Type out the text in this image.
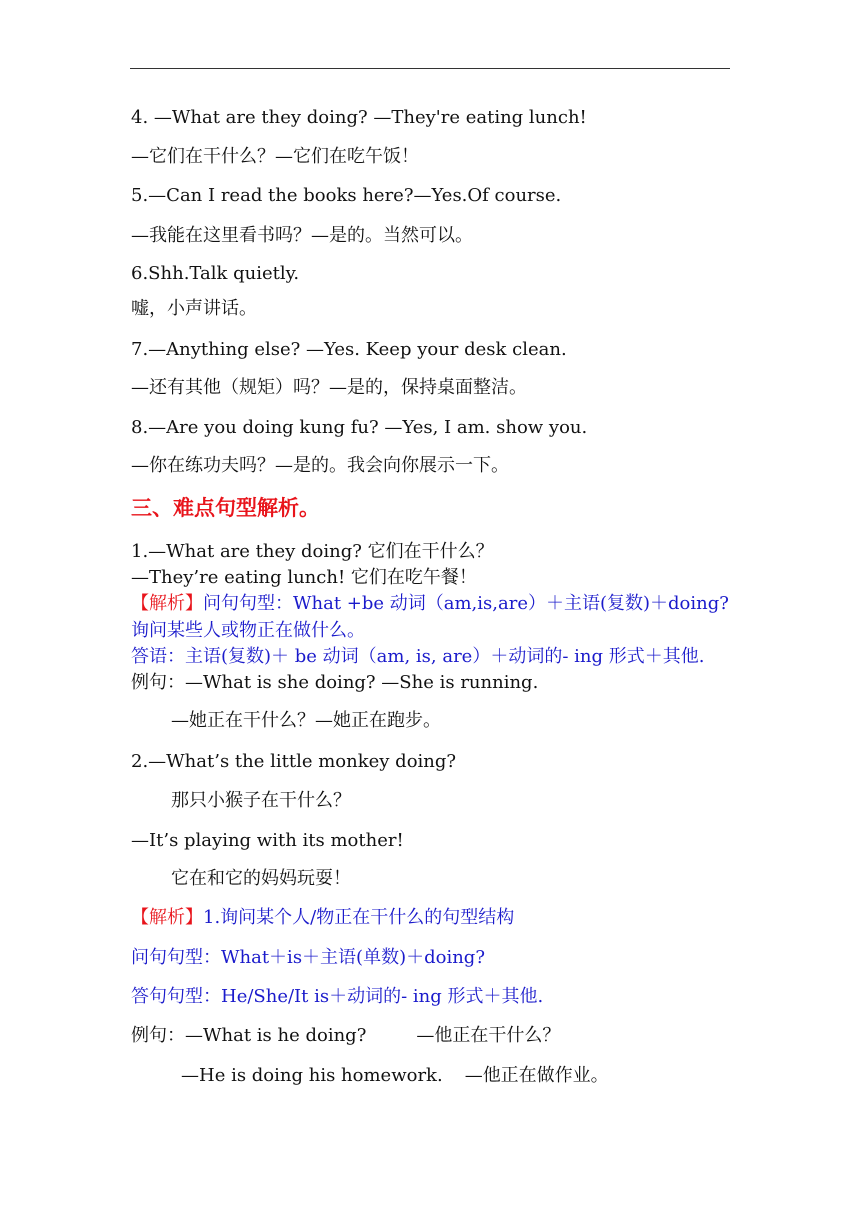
4. —What are they doing? —They're eating lunch!
—它们在干什么？—它们在吃午饭！
5.—Can I read the books here?—Yes.Of course.
—我能在这里看书吗？—是的。当然可以。
6.Shh.Talk quietly.
嘘，小声讲话。
7.—Anything else? —Yes. Keep your desk clean.
—还有其他（规矩）吗？—是的，保持桌面整洁。
8.—Are you doing kung fu? —Yes, I am. show you.
—你在练功夫吗？—是的。我会向你展示一下。
三、难点句型解析。
1.—What are they doing? 它们在干什么？
—They’re eating lunch! 它们在吃午餐！
【解析】问句句型：What +be 动词（am,is,are）＋主语(复数)＋doing?
询问某些人或物正在做什么。
答语：主语(复数)＋ be 动词（am, is, are）＋动词的- ing 形式＋其他.
例句：—What is she doing? —She is running.
—她正在干什么？—她正在跑步。
2.—What’s the little monkey doing?
那只小猴子在干什么？
—It’s playing with its mother!
它在和它的妈妈玩耍！
【解析】1.询问某个人/物正在干什么的句型结构
问句句型：What＋is＋主语(单数)＋doing?
答句句型：He/She/It is＋动词的- ing 形式＋其他.
例句：—What is he doing?	—他正在干什么？
—He is doing his homework. —他正在做作业。
